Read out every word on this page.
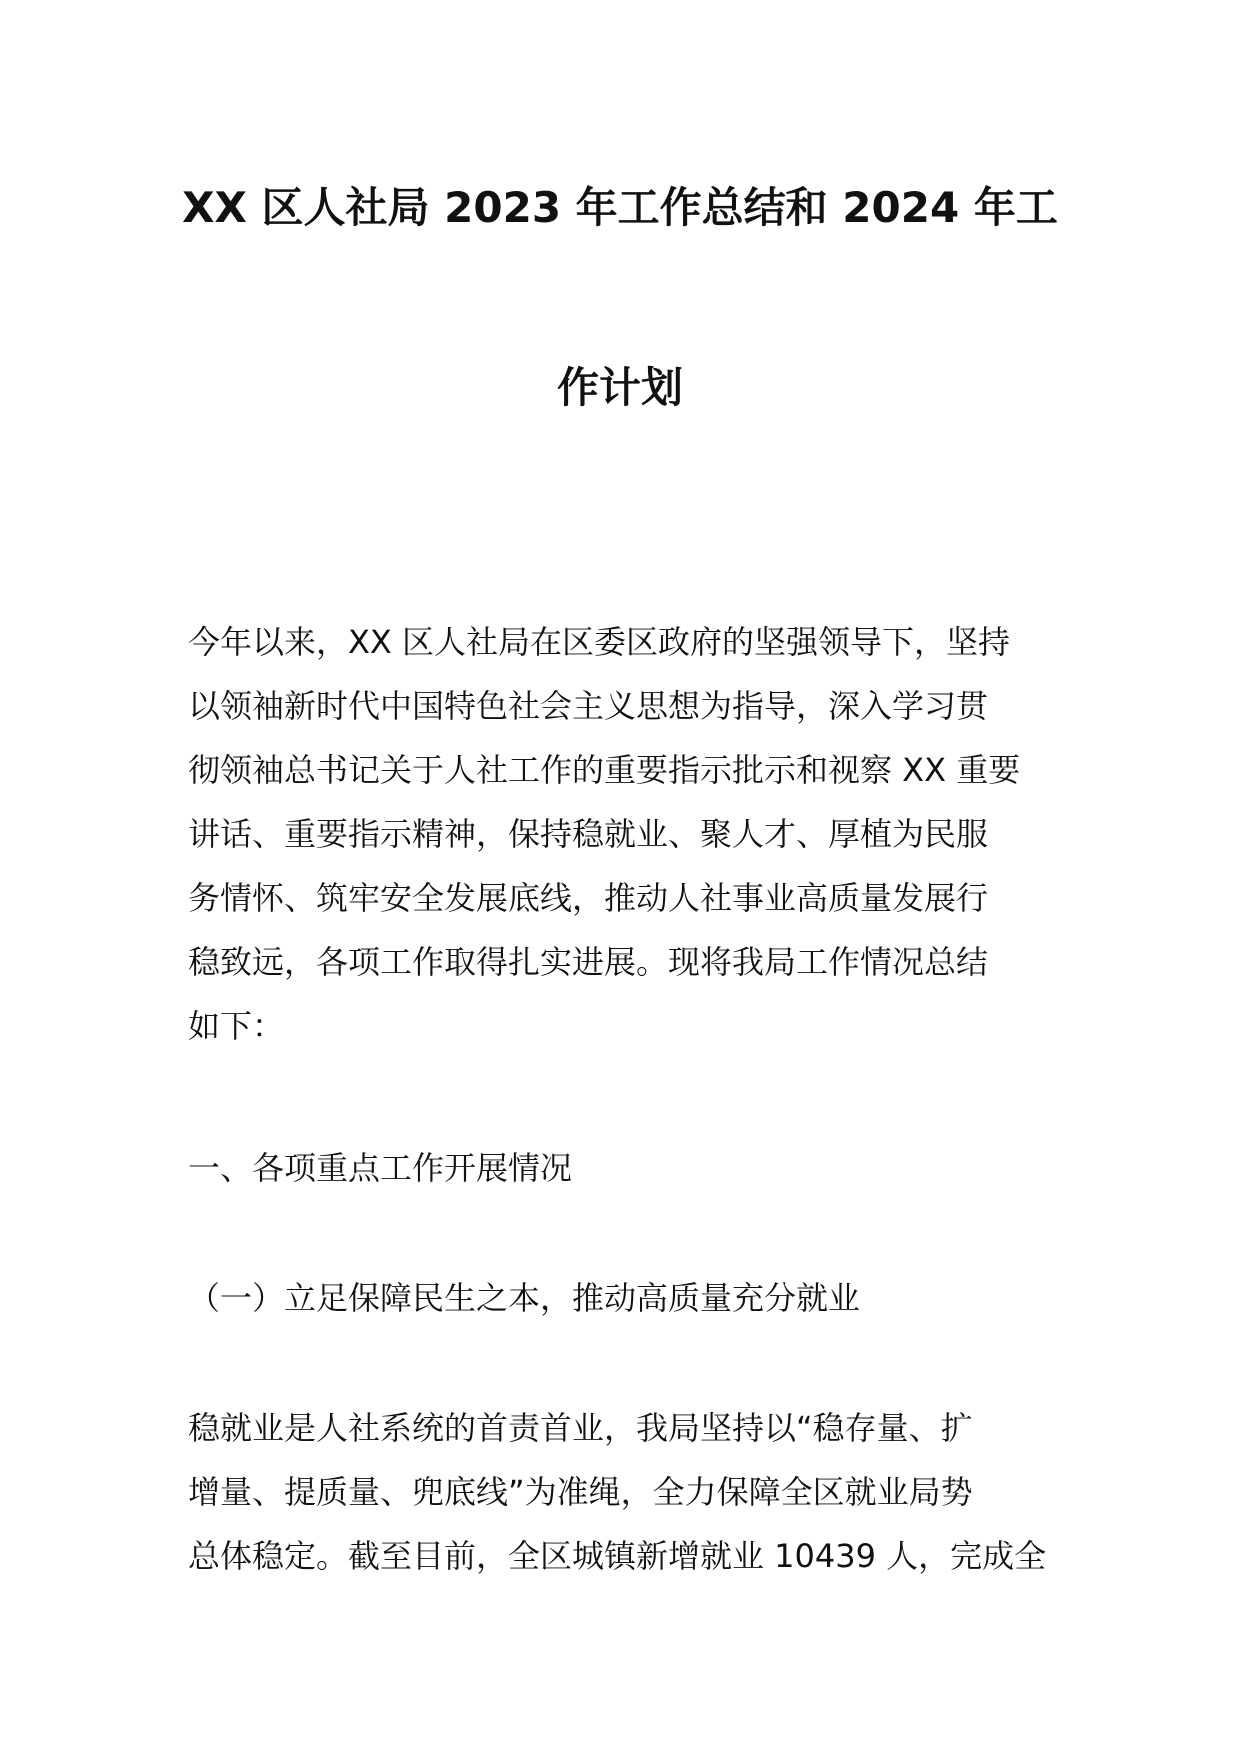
XX 区人社局 2023 年工作总结和 2024 年工
作计划
今年以来，XX 区人社局在区委区政府的坚强领导下，坚持
以领袖新时代中国特色社会主义思想为指导，深入学习贯
彻领袖总书记关于人社工作的重要指示批示和视察 XX 重要
讲话、重要指示精神，保持稳就业、聚人才、厚植为民服
务情怀、筑牢安全发展底线，推动人社事业高质量发展行
稳致远，各项工作取得扎实进展。现将我局工作情况总结
如下：
一、各项重点工作开展情况
（一）立足保障民生之本，推动高质量充分就业
稳就业是人社系统的首责首业，我局坚持以“稳存量、扩
增量、提质量、兜底线”为准绳，全力保障全区就业局势
总体稳定。截至目前，全区城镇新增就业 10439 人，完成全
